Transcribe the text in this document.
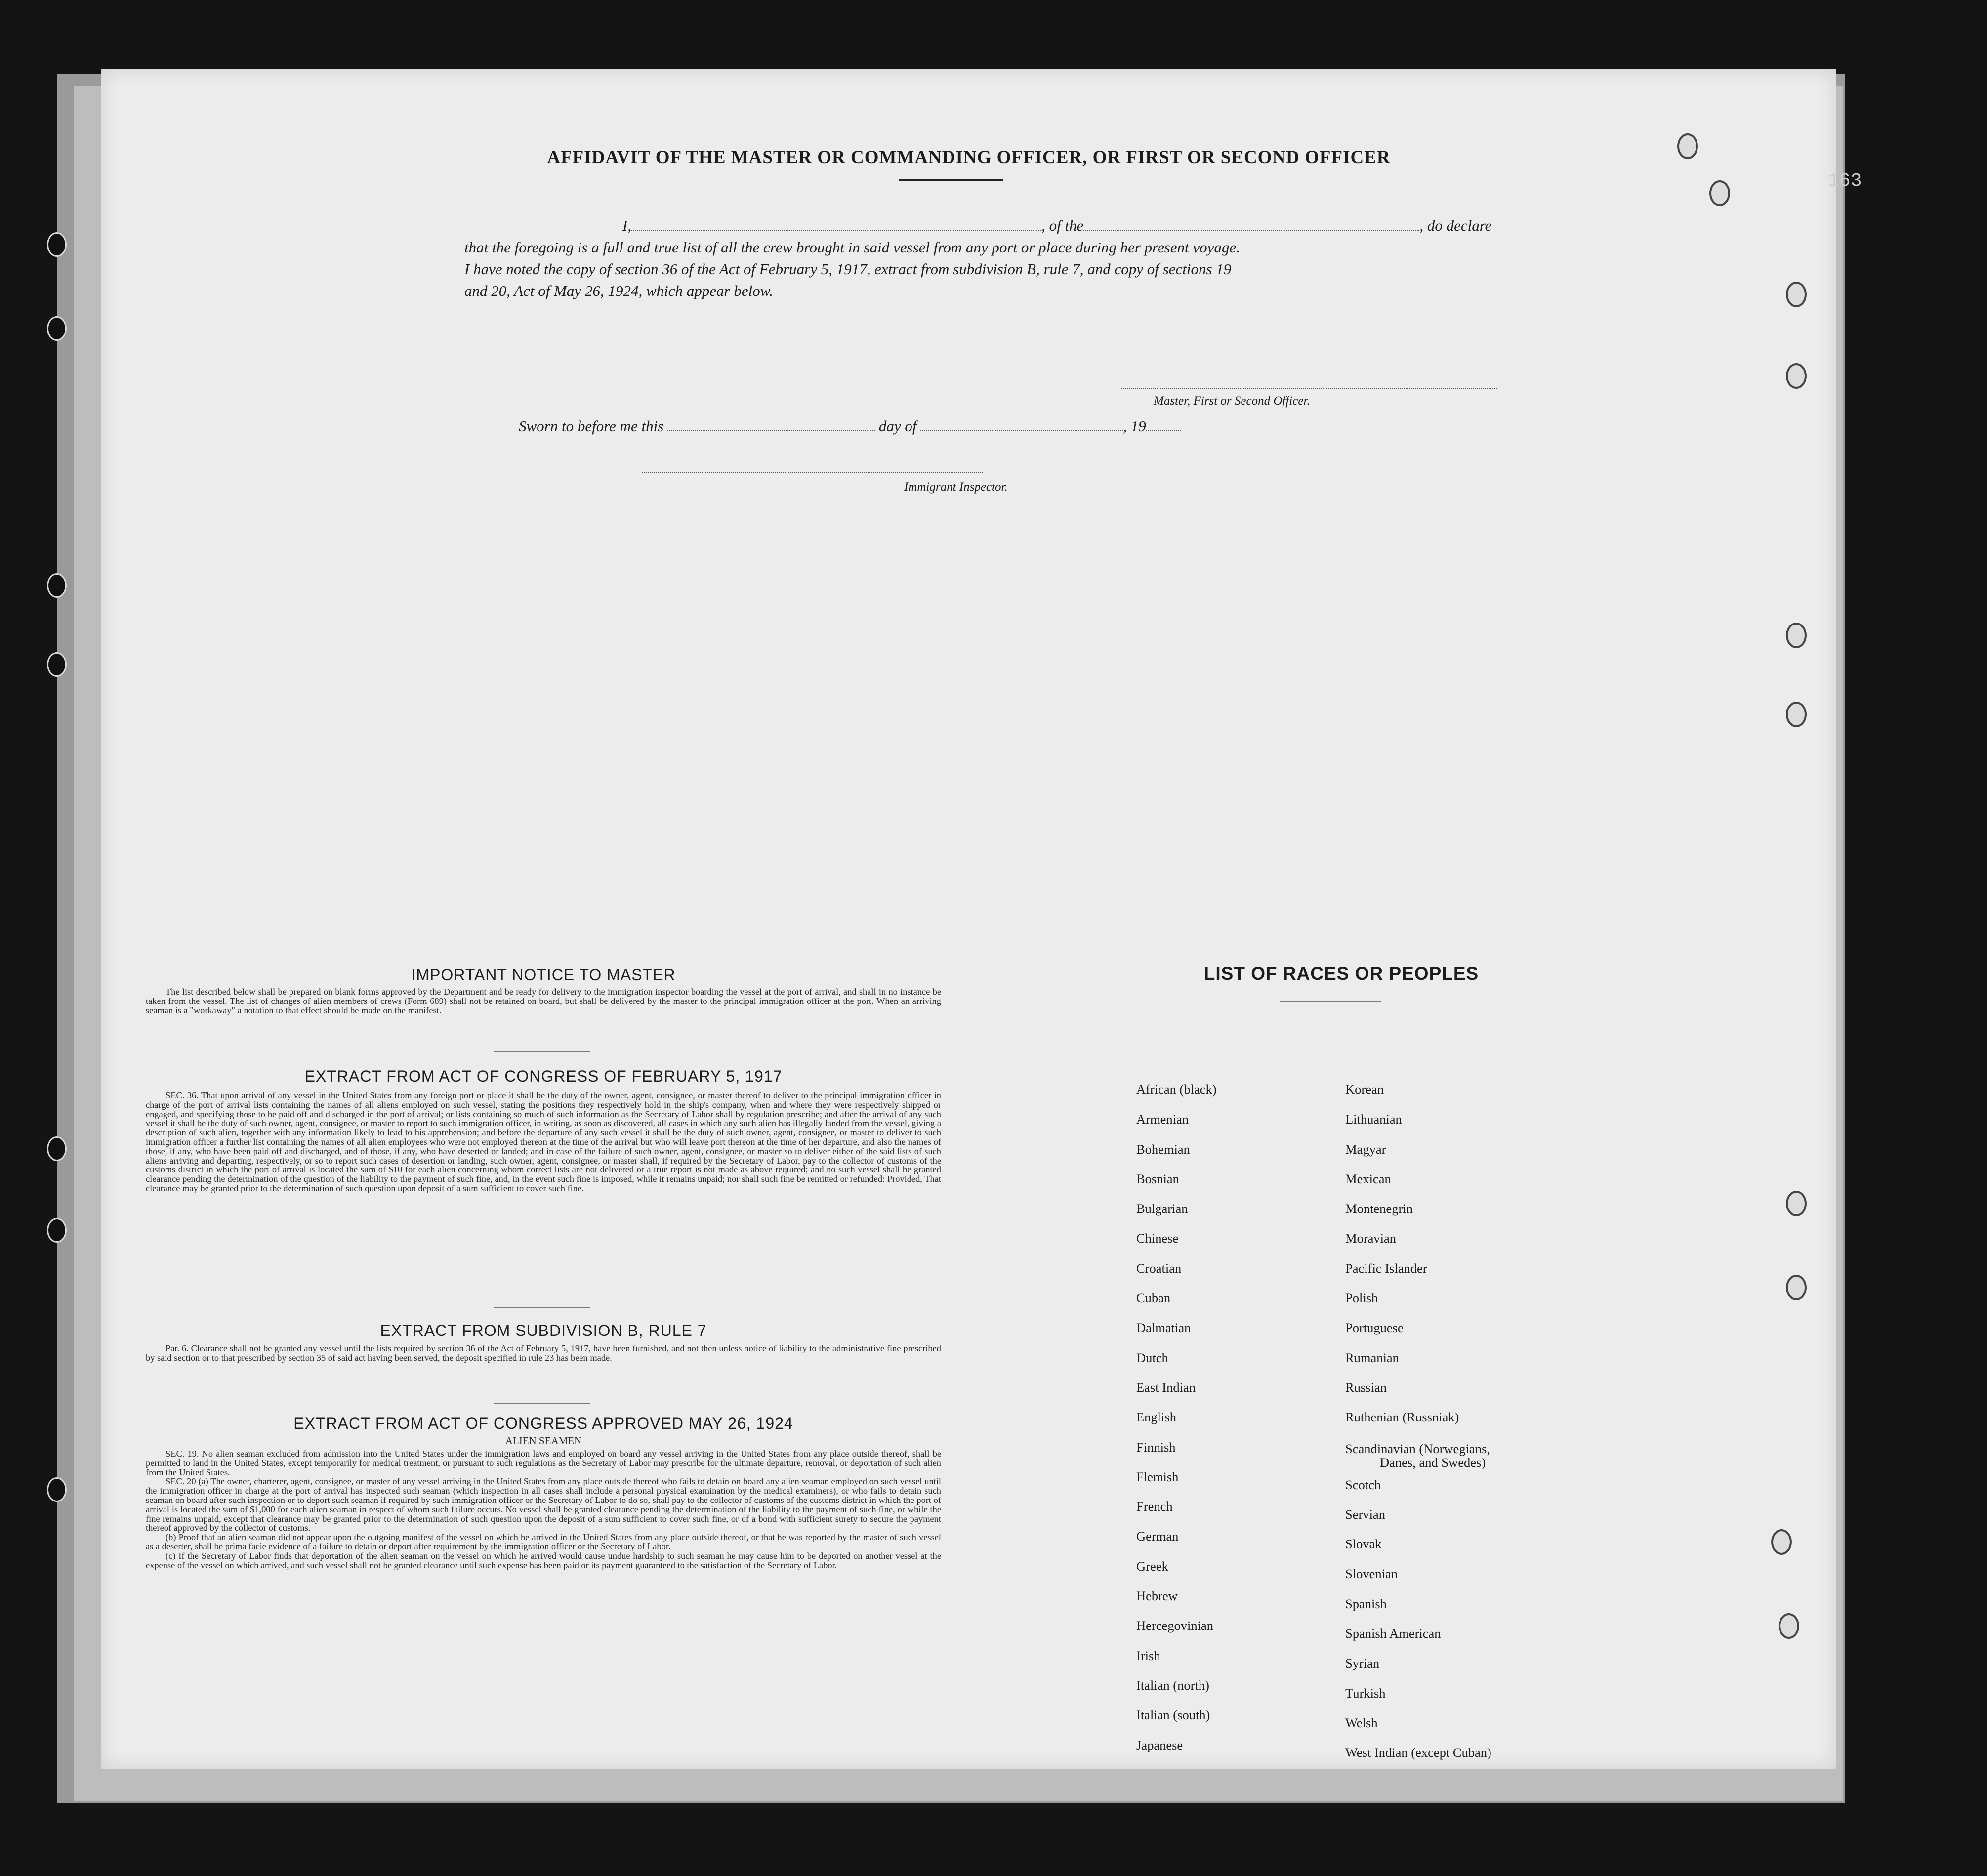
AFFIDAVIT OF THE MASTER OR COMMANDING OFFICER, OR FIRST OR SECOND OFFICER
I,	, of the	, do declare
that the foregoing is a full and true list of all the crew brought in said vessel from any port or place during her present voyage.
I have noted the copy of section 36 of the Act of February 5, 1917, extract from subdivision B, rule 7, and copy of sections 19
and 20, Act of May 26, 1924, which appear below.
Master, First or Second Officer.
Sworn to before me this	day of	, 19
Immigrant Inspector.
IMPORTANT NOTICE TO MASTER

The list described below shall be prepared on blank forms approved by the Department and be ready for delivery to the immigration inspector boarding the vessel at the port of arrival, and shall in no instance be taken from the vessel. The list of changes of alien members of crews (Form 689) shall not be retained on board, but shall be delivered by the master to the principal immigration officer at the port. When an arriving seaman is a "workaway" a notation to that effect should be made on the manifest.

EXTRACT FROM ACT OF CONGRESS OF FEBRUARY 5, 1917

SEC. 36. That upon arrival of any vessel in the United States from any foreign port or place it shall be the duty of the owner, agent, consignee, or master thereof to deliver to the principal immigration officer in charge of the port of arrival lists containing the names of all aliens employed on such vessel, stating the positions they respectively hold in the ship's company, when and where they were respectively shipped or engaged, and specifying those to be paid off and discharged in the port of arrival; or lists containing so much of such information as the Secretary of Labor shall by regulation prescribe; and after the arrival of any such vessel it shall be the duty of such owner, agent, consignee, or master to report to such immigration officer, in writing, as soon as discovered, all cases in which any such alien has illegally landed from the vessel, giving a description of such alien, together with any information likely to lead to his apprehension; and before the departure of any such vessel it shall be the duty of such owner, agent, consignee, or master to deliver to such immigration officer a further list containing the names of all alien employees who were not employed thereon at the time of the arrival but who will leave port thereon at the time of her departure, and also the names of those, if any, who have been paid off and discharged, and of those, if any, who have deserted or landed; and in case of the failure of such owner, agent, consignee, or master so to deliver either of the said lists of such aliens arriving and departing, respectively, or so to report such cases of desertion or landing, such owner, agent, consignee, or master shall, if required by the Secretary of Labor, pay to the collector of customs of the customs district in which the port of arrival is located the sum of $10 for each alien concerning whom correct lists are not delivered or a true report is not made as above required; and no such vessel shall be granted clearance pending the determination of the question of the liability to the payment of such fine, and, in the event such fine is imposed, while it remains unpaid; nor shall such fine be remitted or refunded: Provided, That clearance may be granted prior to the determination of such question upon deposit of a sum sufficient to cover such fine.

EXTRACT FROM SUBDIVISION B, RULE 7

Par. 6. Clearance shall not be granted any vessel until the lists required by section 36 of the Act of February 5, 1917, have been furnished, and not then unless notice of liability to the administrative fine prescribed by said section or to that prescribed by section 35 of said act having been served, the deposit specified in rule 23 has been made.

EXTRACT FROM ACT OF CONGRESS APPROVED MAY 26, 1924
ALIEN SEAMEN

SEC. 19. No alien seaman excluded from admission into the United States under the immigration laws and employed on board any vessel arriving in the United States from any place outside thereof, shall be permitted to land in the United States, except temporarily for medical treatment, or pursuant to such regulations as the Secretary of Labor may prescribe for the ultimate departure, removal, or deportation of such alien from the United States.

SEC. 20 (a) The owner, charterer, agent, consignee, or master of any vessel arriving in the United States from any place outside thereof who fails to detain on board any alien seaman employed on such vessel until the immigration officer in charge at the port of arrival has inspected such seaman (which inspection in all cases shall include a personal physical examination by the medical examiners), or who fails to detain such seaman on board after such inspection or to deport such seaman if required by such immigration officer or the Secretary of Labor to do so, shall pay to the collector of customs of the customs district in which the port of arrival is located the sum of $1,000 for each alien seaman in respect of whom such failure occurs. No vessel shall be granted clearance pending the determination of the liability to the payment of such fine, or while the fine remains unpaid, except that clearance may be granted prior to the determination of such question upon the deposit of a sum sufficient to cover such fine, or of a bond with sufficient surety to secure the payment thereof approved by the collector of customs.

(b) Proof that an alien seaman did not appear upon the outgoing manifest of the vessel on which he arrived in the United States from any place outside thereof, or that he was reported by the master of such vessel as a deserter, shall be prima facie evidence of a failure to detain or deport after requirement by the immigration officer or the Secretary of Labor.

(c) If the Secretary of Labor finds that deportation of the alien seaman on the vessel on which he arrived would cause undue hardship to such seaman he may cause him to be deported on another vessel at the expense of the vessel on which arrived, and such vessel shall not be granted clearance until such expense has been paid or its payment guaranteed to the satisfaction of the Secretary of Labor.

LIST OF RACES OR PEOPLES
African (black)
Armenian
Bohemian
Bosnian
Bulgarian
Chinese
Croatian
Cuban
Dalmatian
Dutch
East Indian
English
Finnish
Flemish
French
German
Greek
Hebrew
Hercegovinian
Irish
Italian (north)
Italian (south)
Japanese
Korean
Lithuanian
Magyar
Mexican
Montenegrin
Moravian
Pacific Islander
Polish
Portuguese
Rumanian
Russian
Ruthenian (Russniak)
Scandinavian (Norwegians,
Danes, and Swedes)
Scotch
Servian
Slovak
Slovenian
Spanish
Spanish American
Syrian
Turkish
Welsh
West Indian (except Cuban)
163
